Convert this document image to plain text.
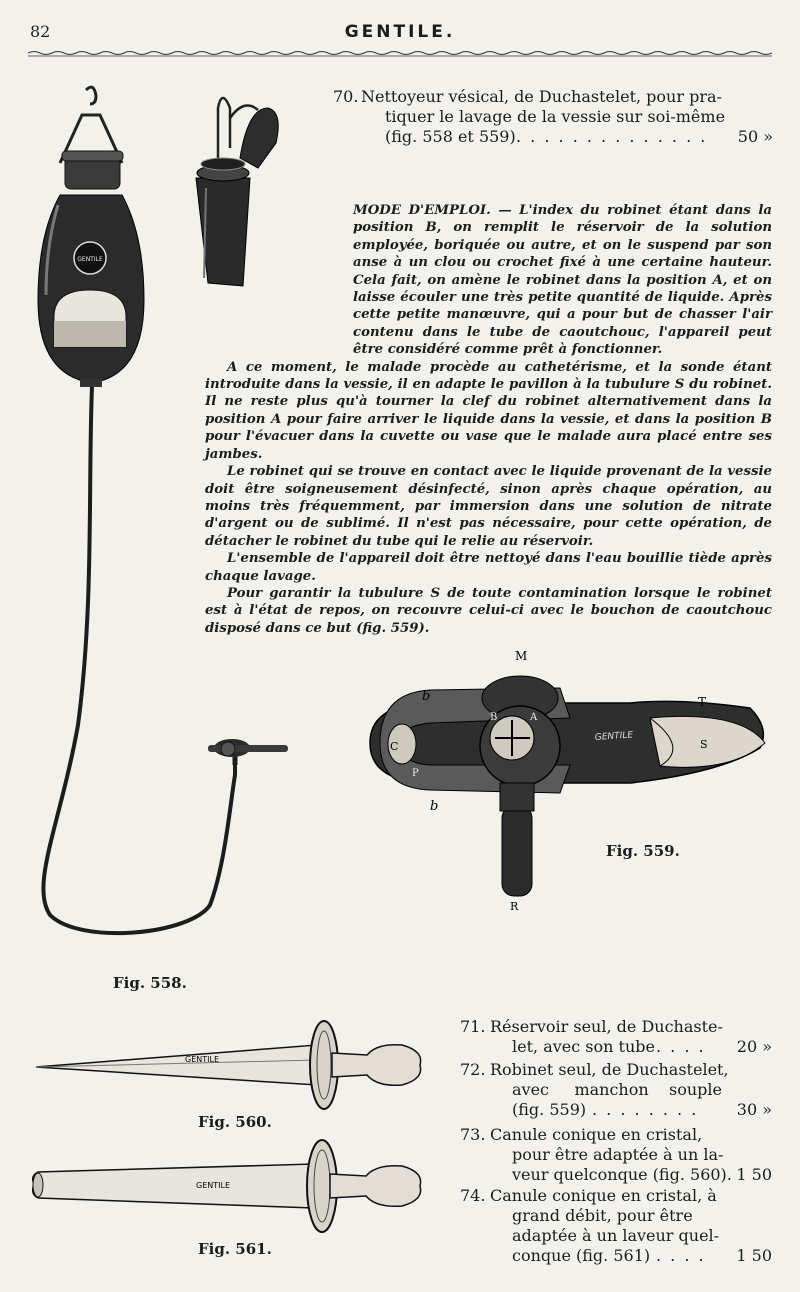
82	GENTILE.
70. Nettoyeur vésical, de Duchastelet, pour pra-
tiquer le lavage de la vessie sur soi-même
(fig. 558 et 559) . . . . . . . . . . . . . . 50 »

MODE D'EMPLOI. — L'index du robinet étant dans la position B, on remplit le réservoir de la solution employée, boriquée ou autre, et on le suspend par son anse à un clou ou crochet fixé à une certaine hauteur. Cela fait, on amène le robinet dans la position A, et on laisse écouler une très petite quantité de liquide. Après cette petite manœuvre, qui a pour but de chasser l'air contenu dans le tube de caoutchouc, l'appareil peut être considéré comme prêt à fonctionner.

A ce moment, le malade procède au cathetérisme, et la sonde étant introduite dans la vessie, il en adapte le pavillon à la tubulure S du robinet. Il ne reste plus qu'à tourner la clef du robinet alternativement dans la position A pour faire arriver le liquide dans la vessie, et dans la position B pour l'évacuer dans la cuvette ou vase que le malade aura placé entre ses jambes.

Le robinet qui se trouve en contact avec le liquide provenant de la vessie doit être soigneusement désinfecté, sinon après chaque opération, au moins très fréquemment, par immersion dans une solution de nitrate d'argent ou de sublimé. Il n'est pas nécessaire, pour cette opération, de détacher le robinet du tube qui le relie au réservoir.

L'ensemble de l'appareil doit être nettoyé dans l'eau bouillie tiède après chaque lavage.

Pour garantir la tubulure S de toute contamination lorsque le robinet est à l'état de repos, on recouvre celui-ci avec le bouchon de caoutchouc disposé dans ce but (fig. 559).

GENTILE
Fig. 558.
GENTILE
M
T
b
b
C
P
A
B
S
R
Fig. 559.
GENTILE
Fig. 560.
GENTILE
Fig. 561.
71. Réservoir seul, de Duchaste-
let, avec son tube . . . . 20 »
72. Robinet seul, de Duchastelet,
avec     manchon    souple
(fig. 559) . . . . . . . . 30 »
73. Canule conique en cristal,
pour être adaptée à un la-
veur quelconque (fig. 560). 1 50
74. Canule conique en cristal, à
grand débit, pour être
adaptée à un laveur quel-
conque (fig. 561) . . . . 1 50
